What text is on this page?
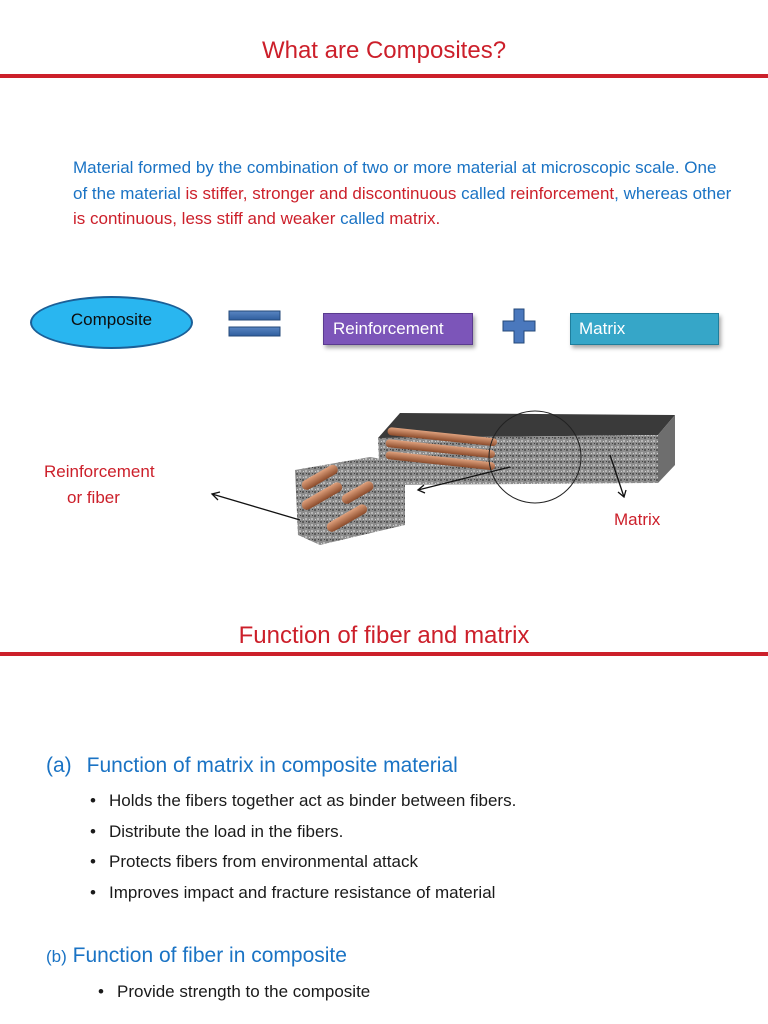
What are Composites?
Material formed by the combination of two or more material at microscopic scale. One of the material is stiffer, stronger and discontinuous called reinforcement, whereas other is continuous, less stiff and weaker called matrix.
Composite	Reinforcement	Matrix
Reinforcement
or fiber
Matrix
Function of fiber and matrix
(a) Function of matrix in composite material
• Holds the fibers together act as binder between fibers.
• Distribute the load in the fibers.
• Protects fibers from environmental attack
• Improves impact and fracture resistance of material
(b) Function of fiber in composite
• Provide strength to the composite
